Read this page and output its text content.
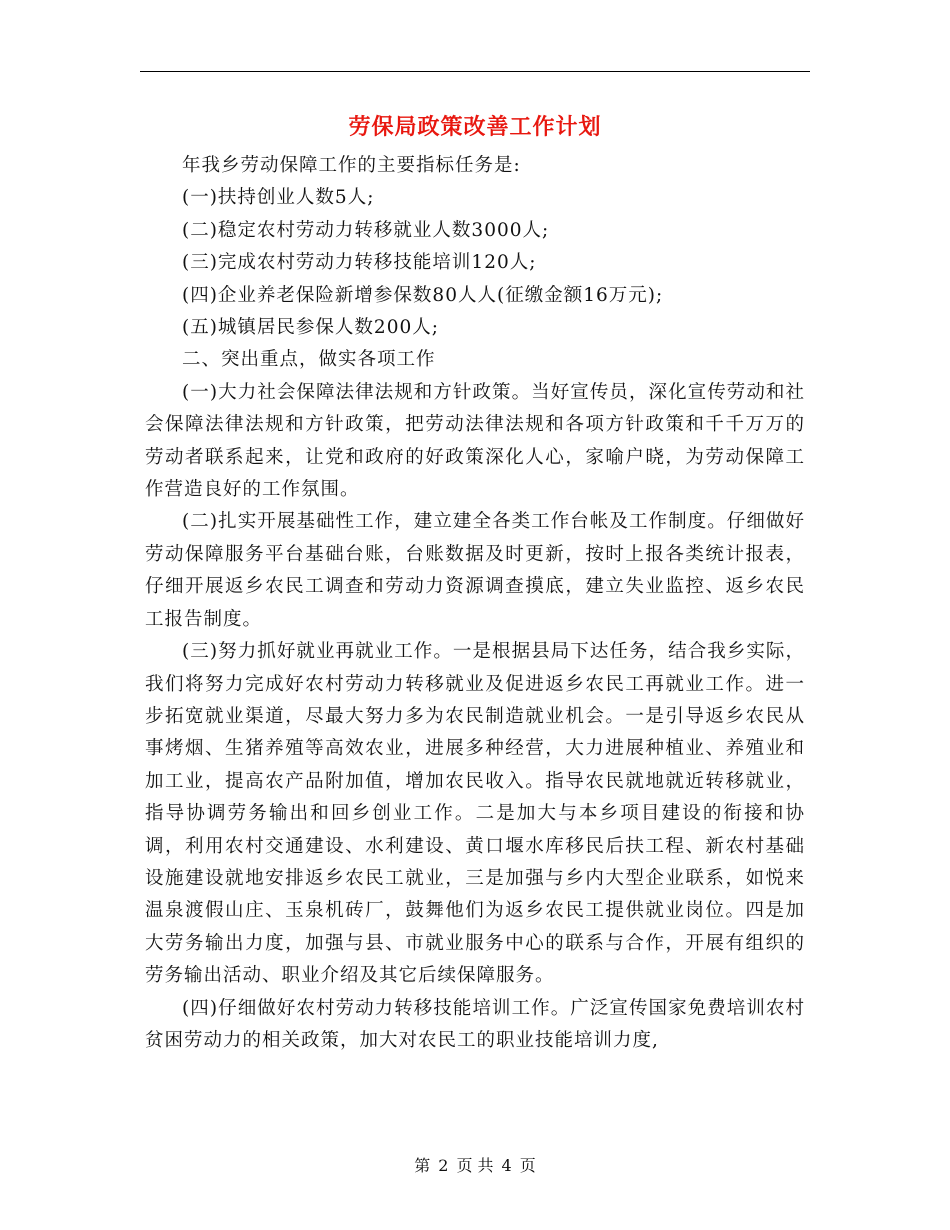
劳保局政策改善工作计划

年我乡劳动保障工作的主要指标任务是:

(一)扶持创业人数5人;

(二)稳定农村劳动力转移就业人数3000人;

(三)完成农村劳动力转移技能培训120人;

(四)企业养老保险新增参保数80人人(征缴金额16万元);

(五)城镇居民参保人数200人;

二、突出重点，做实各项工作

(一)大力社会保障法律法规和方针政策。当好宣传员，深化宣传劳动和社会保障法律法规和方针政策，把劳动法律法规和各项方针政策和千千万万的劳动者联系起来，让党和政府的好政策深化人心，家喻户晓，为劳动保障工作营造良好的工作氛围。

(二)扎实开展基础性工作，建立建全各类工作台帐及工作制度。仔细做好劳动保障服务平台基础台账，台账数据及时更新，按时上报各类统计报表，仔细开展返乡农民工调查和劳动力资源调查摸底，建立失业监控、返乡农民工报告制度。

(三)努力抓好就业再就业工作。一是根据县局下达任务，结合我乡实际，我们将努力完成好农村劳动力转移就业及促进返乡农民工再就业工作。进一步拓宽就业渠道，尽最大努力多为农民制造就业机会。一是引导返乡农民从事烤烟、生猪养殖等高效农业，进展多种经营，大力进展种植业、养殖业和加工业，提高农产品附加值，增加农民收入。指导农民就地就近转移就业，指导协调劳务输出和回乡创业工作。二是加大与本乡项目建设的衔接和协调，利用农村交通建设、水利建设、黄口堰水库移民后扶工程、新农村基础设施建设就地安排返乡农民工就业，三是加强与乡内大型企业联系，如悦来温泉渡假山庄、玉泉机砖厂，鼓舞他们为返乡农民工提供就业岗位。四是加大劳务输出力度，加强与县、市就业服务中心的联系与合作，开展有组织的劳务输出活动、职业介绍及其它后续保障服务。

(四)仔细做好农村劳动力转移技能培训工作。广泛宣传国家免费培训农村贫困劳动力的相关政策，加大对农民工的职业技能培训力度,

第 2 页 共 4 页
